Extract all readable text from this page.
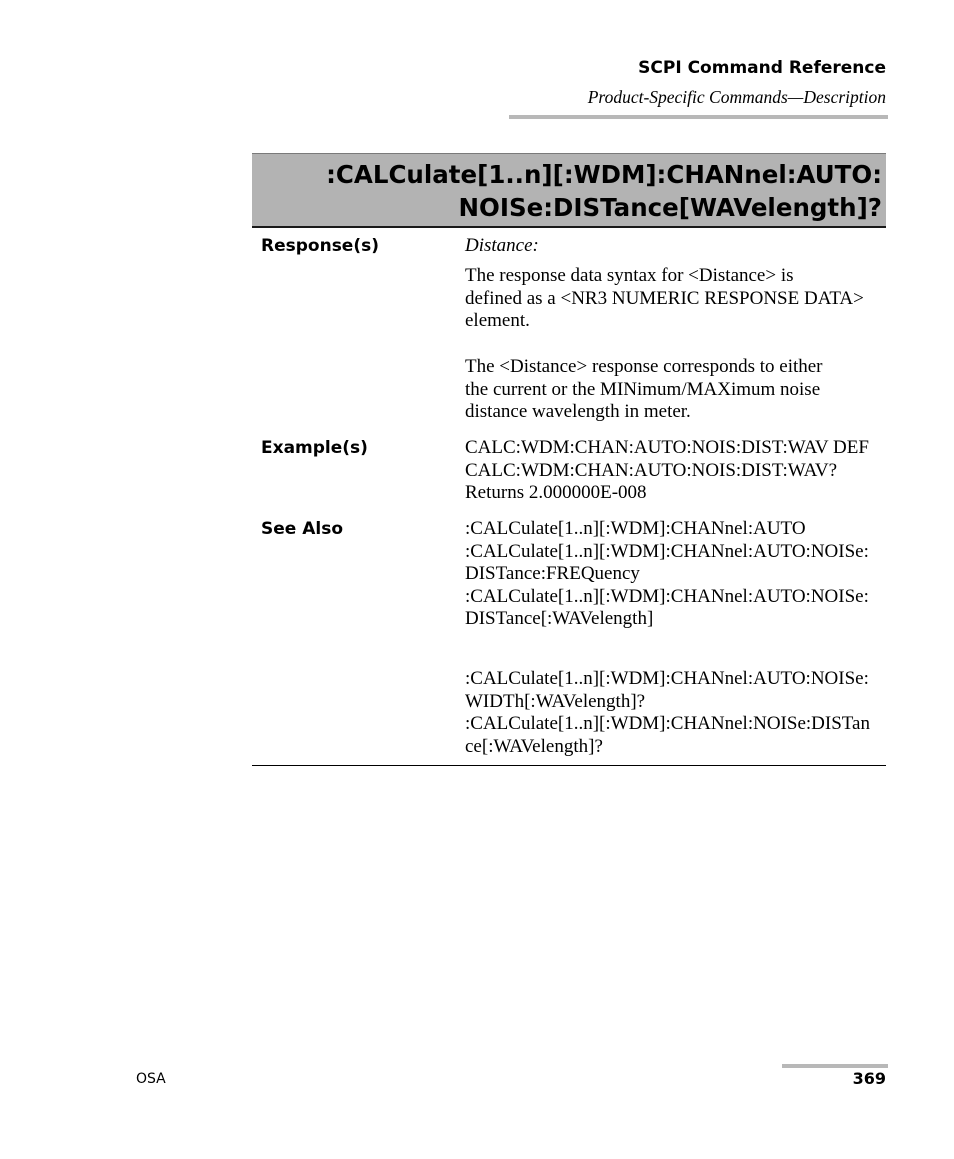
SCPI Command Reference
Product-Specific Commands—Description
:CALCulate[1..n][:WDM]:CHANnel:AUTO:
NOISe:DISTance[WAVelength]?
Response(s)	Distance:
The response data syntax for <Distance> is
defined as a <NR3 NUMERIC RESPONSE DATA>
element.
The <Distance> response corresponds to either
the current or the MINimum/MAXimum noise
distance wavelength in meter.
Example(s)	CALC:WDM:CHAN:AUTO:NOIS:DIST:WAV DEF
CALC:WDM:CHAN:AUTO:NOIS:DIST:WAV?
Returns 2.000000E-008
See Also	:CALCulate[1..n][:WDM]:CHANnel:AUTO
:CALCulate[1..n][:WDM]:CHANnel:AUTO:NOISe:
DISTance:FREQuency
:CALCulate[1..n][:WDM]:CHANnel:AUTO:NOISe:
DISTance[:WAVelength]
:CALCulate[1..n][:WDM]:CHANnel:AUTO:NOISe:
WIDTh[:WAVelength]?
:CALCulate[1..n][:WDM]:CHANnel:NOISe:DISTan
ce[:WAVelength]?
OSA	369
